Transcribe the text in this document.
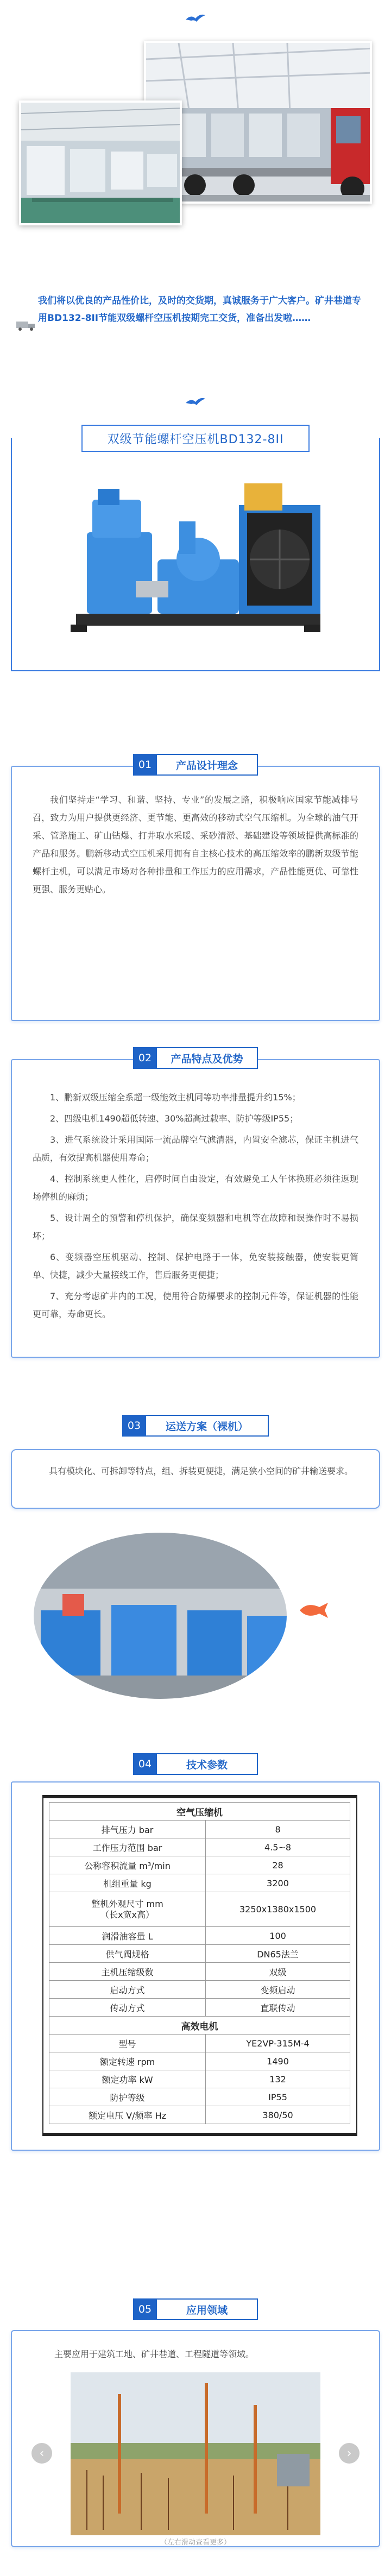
我们将以优良的产品性价比，及时的交货期，真诚服务于广大客户。矿井巷道专用BD132-8II节能双级螺杆空压机按期完工交货，准备出发啦……

双级节能螺杆空压机BD132-8II

我们坚持走“学习、和谐、坚持、专业”的发展之路，积极响应国家节能减排号召，致力为用户提供更经济、更节能、更高效的移动式空气压缩机。为全球的油气开采、管路施工、矿山钻爆、打井取水采暖、采砂清淤、基础建设等领域提供高标准的产品和服务。鹏新移动式空压机采用拥有自主核心技术的高压缩效率的鹏新双级节能螺杆主机，可以满足市场对各种排量和工作压力的应用需求，产品性能更优、可靠性更强、服务更贴心。

01	产品设计理念

1、鹏新双级压缩全系超一级能效主机同等功率排量提升约15%；

2、四级电机1490超低转速、30%超高过载率、防护等级IP55；

3、进气系统设计采用国际一流品牌空气滤清器，内置安全滤芯，保证主机进气品质，有效提高机器使用寿命；

4、控制系统更人性化，启停时间自由设定，有效避免工人午休换班必须往返现场停机的麻烦；

5、设计周全的预警和停机保护，确保变频器和电机等在故障和误操作时不易损坏；

6、变频器空压机驱动、控制、保护电路于一体，免安装接触器，使安装更简单、快捷，减少大量接线工作，售后服务更便捷；

7、充分考虑矿井内的工况，使用符合防爆要求的控制元件等，保证机器的性能更可靠，寿命更长。

02	产品特点及优势
03	运送方案（裸机）

具有模块化、可拆卸等特点，组、拆装更便捷，满足狭小空间的矿井输送要求。

04	技术参数
空气压缩机	
排气压力 bar	8
工作压力范围 bar	4.5~8
公称容积流量 m³/min	28
机组重量 kg	3200
整机外观尺寸 mm
（长x宽x高）	3250x1380x1500
润滑油容量 L	100
供气阀规格	DN65法兰
主机压缩级数	双级
启动方式	变频启动
传动方式	直联传动
高效电机	
型号	YE2VP-315M-4
额定转速 rpm	1490
额定功率 kW	132
防护等级	IP55
额定电压 V/频率 Hz	380/50
05	应用领域

主要应用于建筑工地、矿井巷道、工程隧道等领域。

‹	›
（左右滑动查看更多）
